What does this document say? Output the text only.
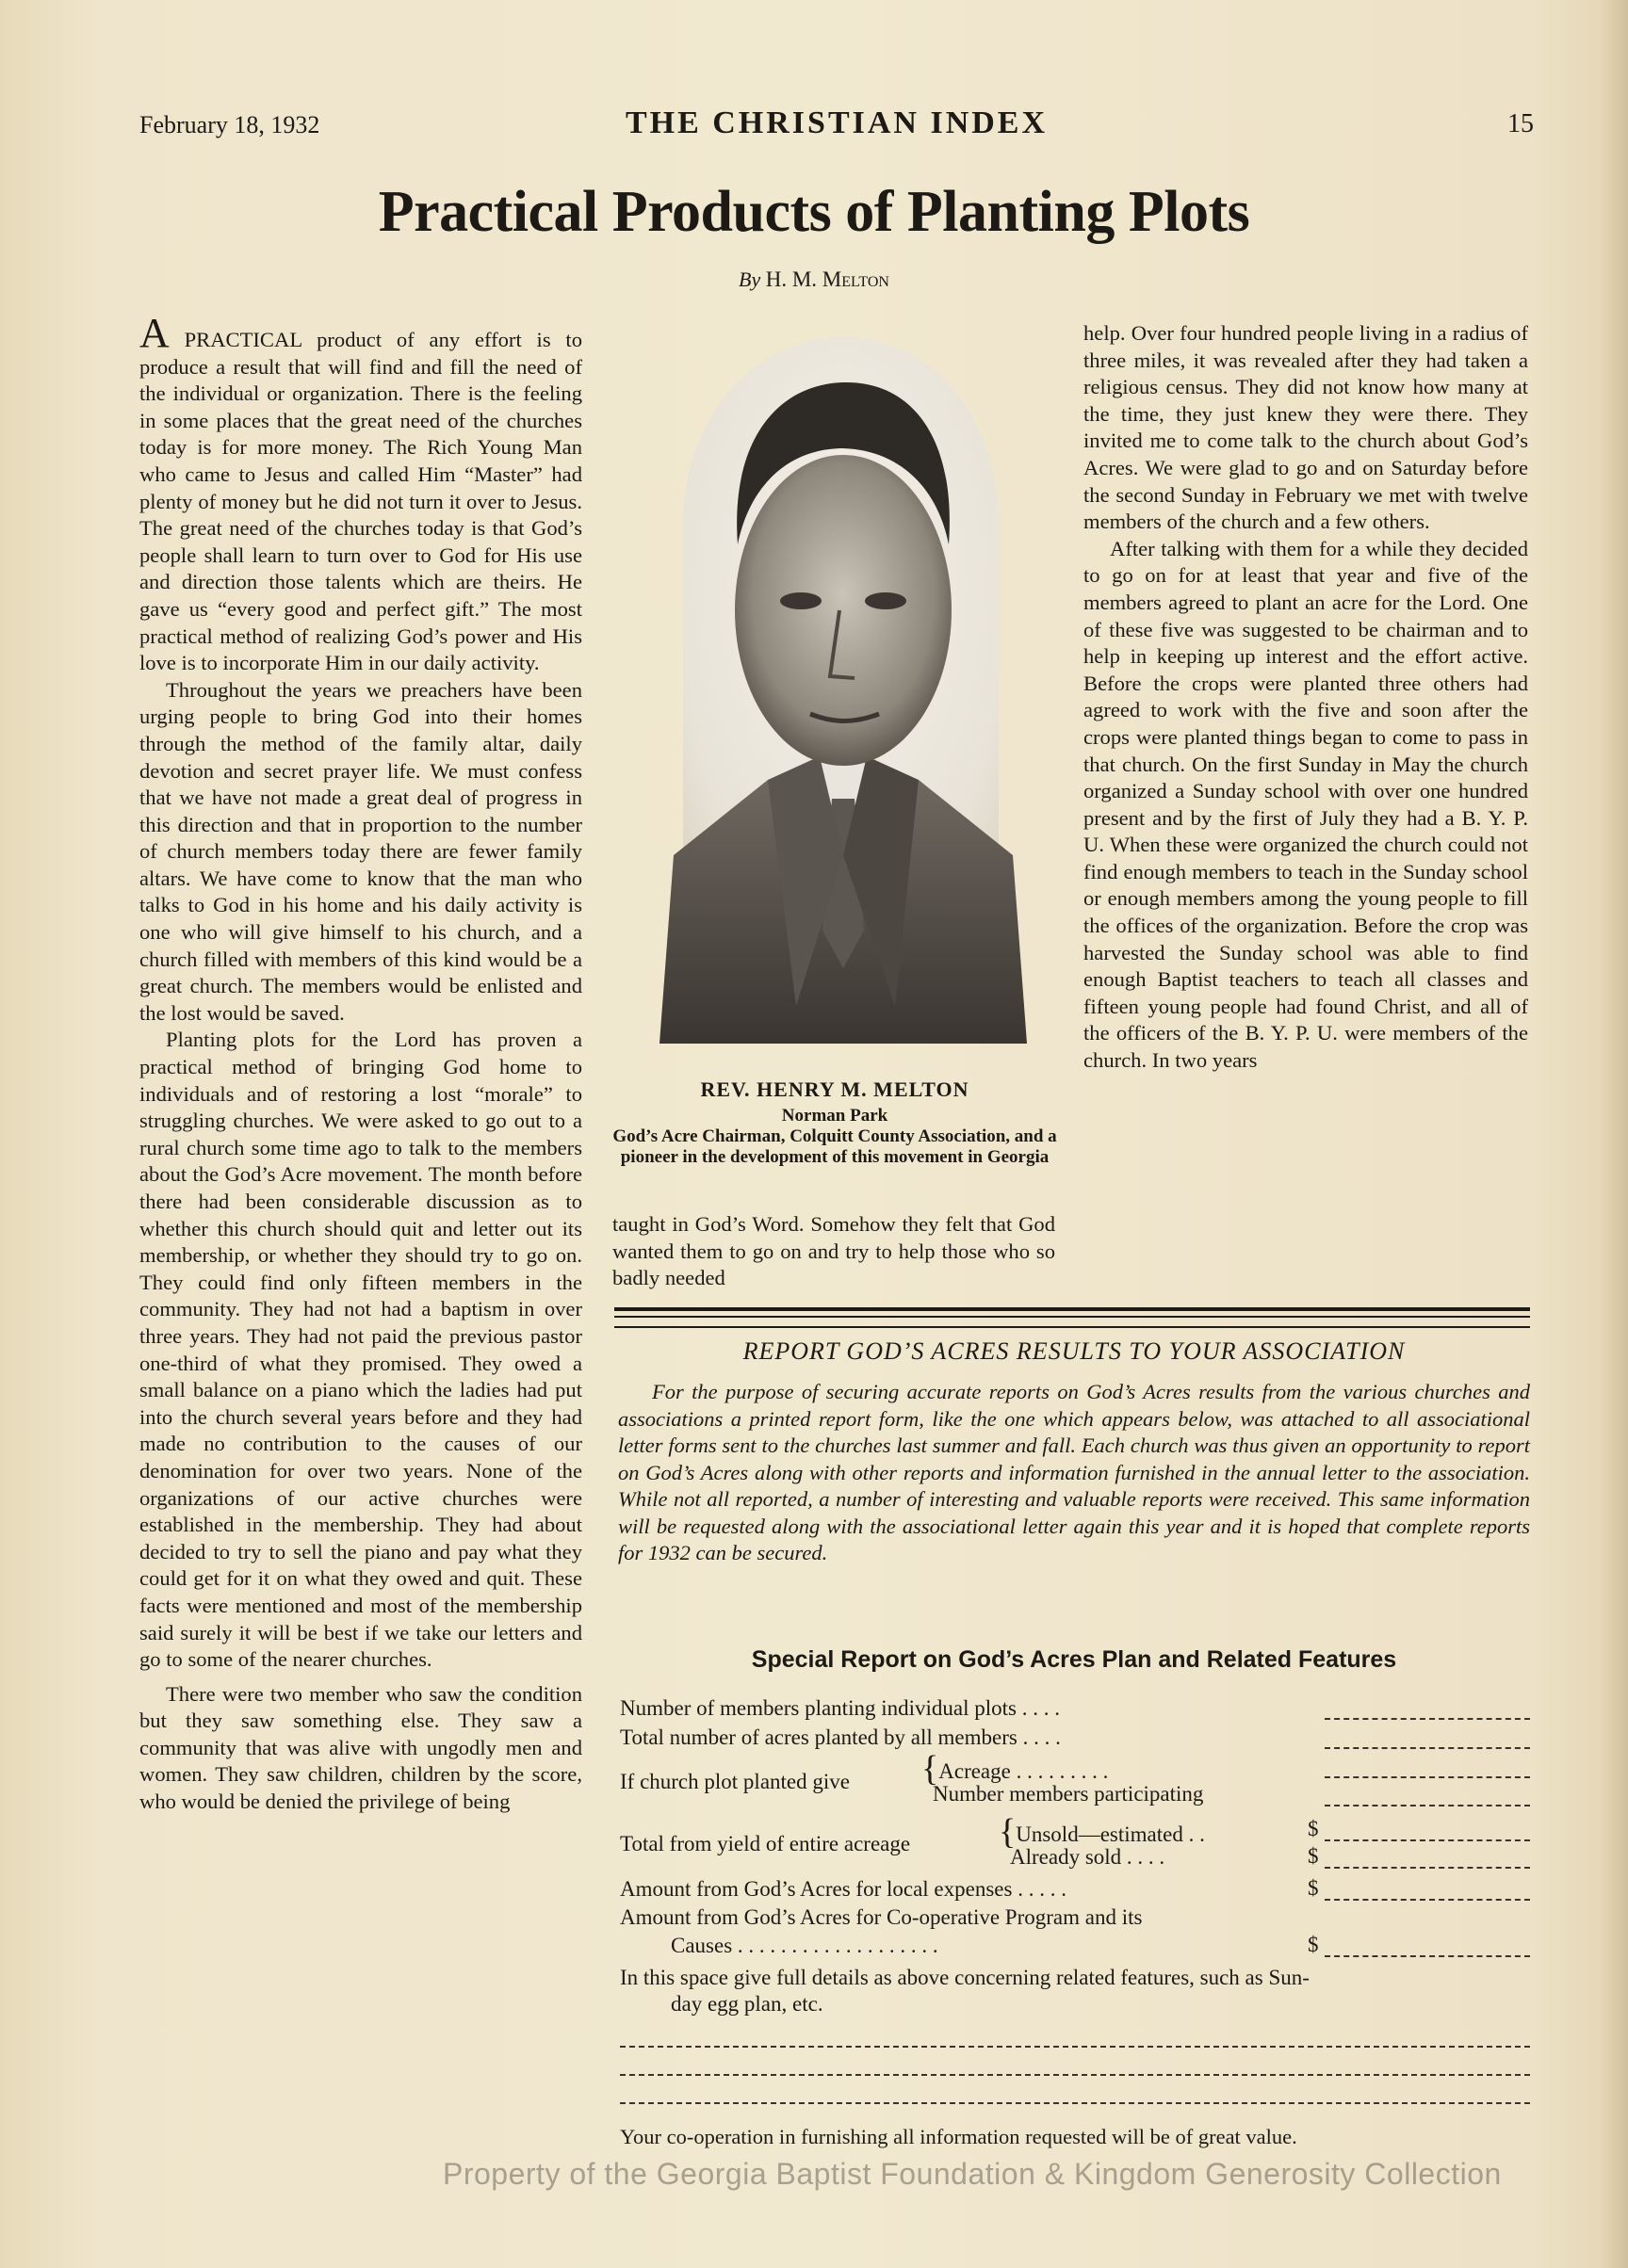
THE CHRISTIAN INDEX
February 18, 1932	15
Practical Products of Planting Plots
By H. M. Melton

A PRACTICAL product of any effort is to produce a result that will find and fill the need of the individual or organization. There is the feeling in some places that the great need of the churches today is for more money. The Rich Young Man who came to Jesus and called Him “Master” had plenty of money but he did not turn it over to Jesus. The great need of the churches today is that God’s people shall learn to turn over to God for His use and direction those talents which are theirs. He gave us “every good and perfect gift.” The most practical method of realizing God’s power and His love is to incorporate Him in our daily activity.

Throughout the years we preachers have been urging people to bring God into their homes through the method of the family altar, daily devotion and secret prayer life. We must confess that we have not made a great deal of progress in this direction and that in proportion to the number of church members today there are fewer family altars. We have come to know that the man who talks to God in his home and his daily activity is one who will give himself to his church, and a church filled with members of this kind would be a great church. The members would be enlisted and the lost would be saved.

Planting plots for the Lord has proven a practical method of bringing God home to individuals and of restoring a lost “morale” to struggling churches. We were asked to go out to a rural church some time ago to talk to the members about the God’s Acre movement. The month before there had been considerable discussion as to whether this church should quit and letter out its membership, or whether they should try to go on. They could find only fifteen members in the community. They had not had a baptism in over three years. They had not paid the previous pastor one-third of what they promised. They owed a small balance on a piano which the ladies had put into the church several years before and they had made no contribution to the causes of our denomination for over two years. None of the organizations of our active churches were established in the membership. They had about decided to try to sell the piano and pay what they could get for it on what they owed and quit. These facts were mentioned and most of the membership said surely it will be best if we take our letters and go to some of the nearer churches.

There were two member who saw the condition but they saw something else. They saw a community that was alive with ungodly men and women. They saw children, children by the score, who would be denied the privilege of being

REV. HENRY M. MELTON
Norman Park
God’s Acre Chairman, Colquitt County Association, and a pioneer in the development of this movement in Georgia

taught in God’s Word. Somehow they felt that God wanted them to go on and try to help those who so badly needed

help. Over four hundred people living in a radius of three miles, it was revealed after they had taken a religious census. They did not know how many at the time, they just knew they were there. They invited me to come talk to the church about God’s Acres. We were glad to go and on Saturday before the second Sunday in February we met with twelve members of the church and a few others.

After talking with them for a while they decided to go on for at least that year and five of the members agreed to plant an acre for the Lord. One of these five was suggested to be chairman and to help in keeping up interest and the effort active. Before the crops were planted three others had agreed to work with the five and soon after the crops were planted things began to come to pass in that church. On the first Sunday in May the church organized a Sunday school with over one hundred present and by the first of July they had a B. Y. P. U. When these were organized the church could not find enough members to teach in the Sunday school or enough members among the young people to fill the offices of the organization. Before the crop was harvested the Sunday school was able to find enough Baptist teachers to teach all classes and fifteen young people had found Christ, and all of the officers of the B. Y. P. U. were members of the church. In two years

REPORT GOD’S ACRES RESULTS TO YOUR ASSOCIATION

For the purpose of securing accurate reports on God’s Acres results from the various churches and associations a printed report form, like the one which appears below, was attached to all associational letter forms sent to the churches last summer and fall. Each church was thus given an opportunity to report on God’s Acres along with other reports and information furnished in the annual letter to the association. While not all reported, a number of interesting and valuable reports were received. This same information will be requested along with the associational letter again this year and it is hoped that complete reports for 1932 can be secured.

Special Report on God’s Acres Plan and Related Features
Number of members planting individual plots . . . .
Total number of acres planted by all members . . . .
If church plot planted give {Acreage . . . . . . . . .
Number members participating
Total from yield of entire acreage {Unsold—estimated . .	$
Already sold . . . .	$
Amount from God’s Acres for local expenses . . . . .	$
Amount from God’s Acres for Co-operative Program and its
Causes . . . . . . . . . . . . . . . . . . .	$
In this space give full details as above concerning related features, such as Sun-
day egg plan, etc.
Your co-operation in furnishing all information requested will be of great value.
Property of the Georgia Baptist Foundation & Kingdom Generosity Collection
